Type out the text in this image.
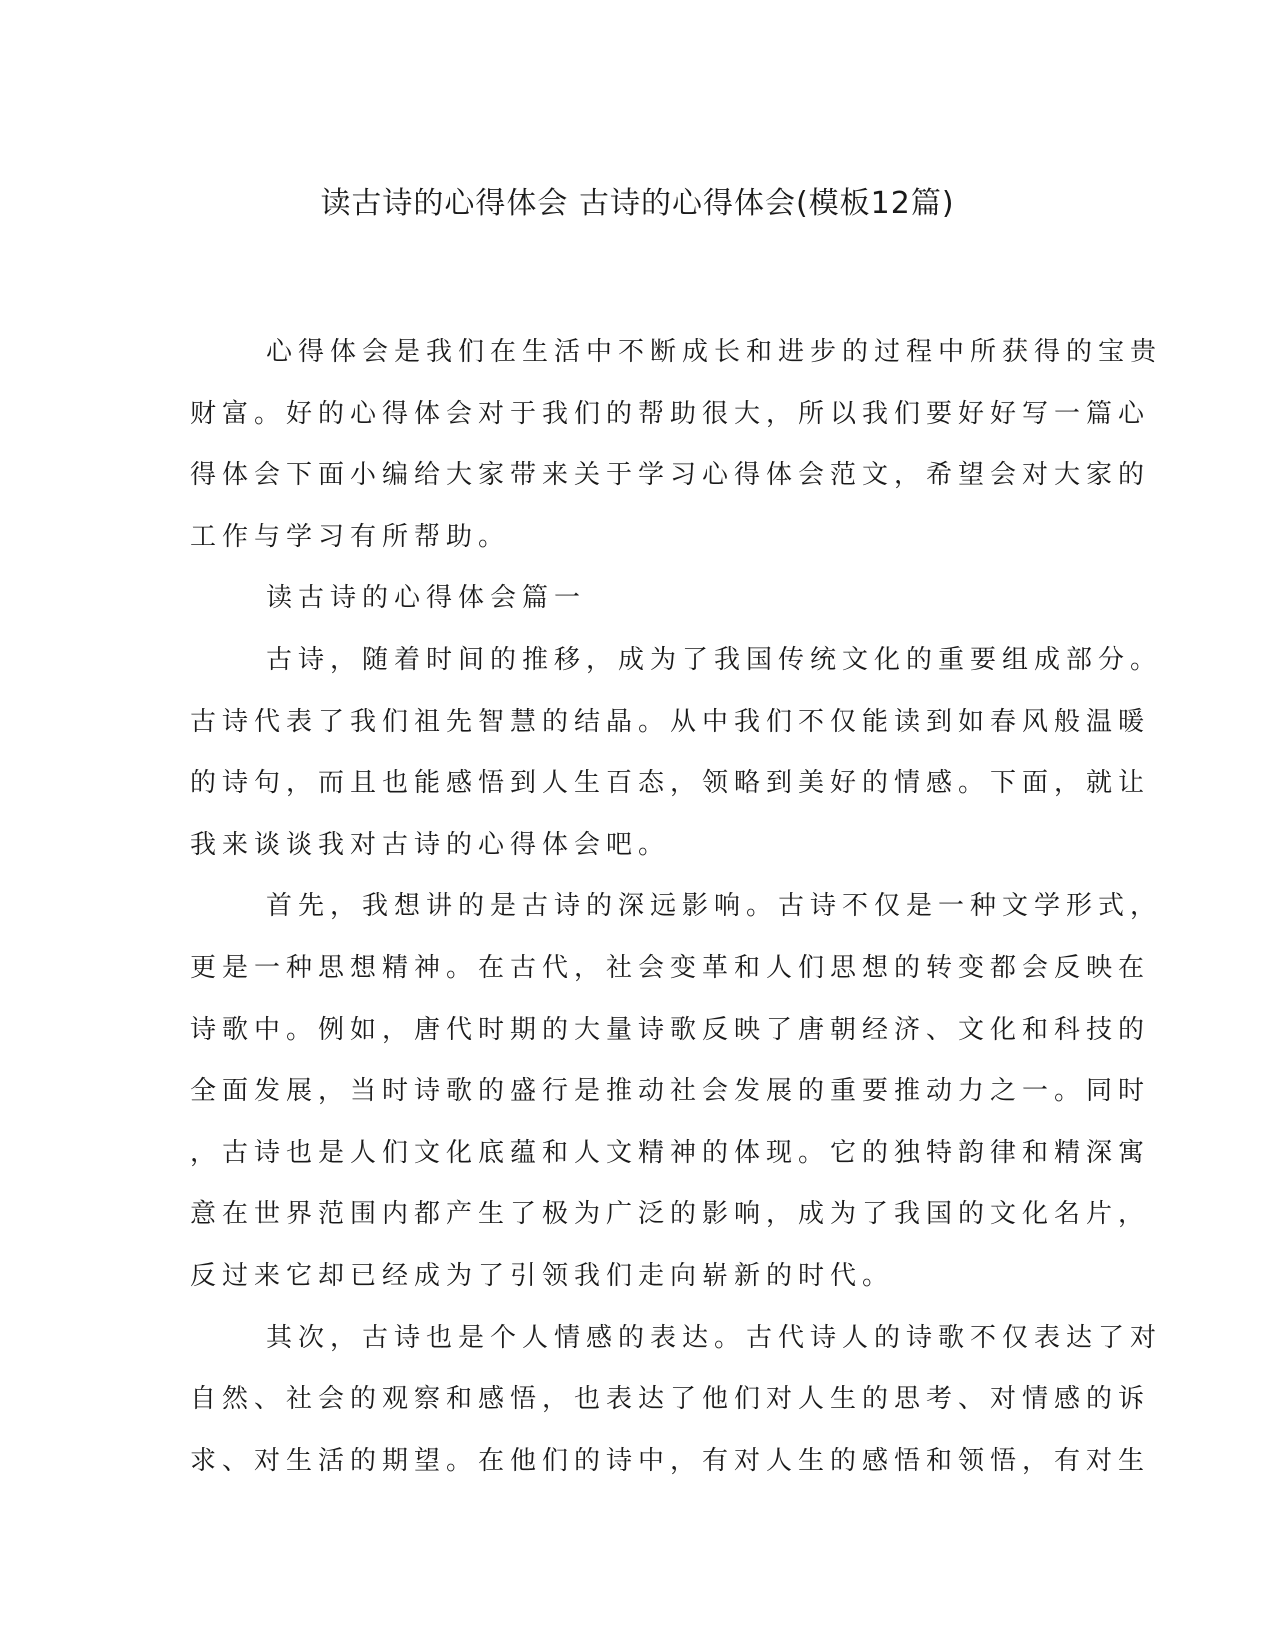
读古诗的心得体会 古诗的心得体会(模板12篇)
心得体会是我们在生活中不断成长和进步的过程中所获得的宝贵
财富。好的心得体会对于我们的帮助很大，所以我们要好好写一篇心
得体会下面小编给大家带来关于学习心得体会范文，希望会对大家的
工作与学习有所帮助。
读古诗的心得体会篇一
古诗，随着时间的推移，成为了我国传统文化的重要组成部分。
古诗代表了我们祖先智慧的结晶。从中我们不仅能读到如春风般温暖
的诗句，而且也能感悟到人生百态，领略到美好的情感。下面，就让
我来谈谈我对古诗的心得体会吧。
首先，我想讲的是古诗的深远影响。古诗不仅是一种文学形式，
更是一种思想精神。在古代，社会变革和人们思想的转变都会反映在
诗歌中。例如，唐代时期的大量诗歌反映了唐朝经济、文化和科技的
全面发展，当时诗歌的盛行是推动社会发展的重要推动力之一。同时
，古诗也是人们文化底蕴和人文精神的体现。它的独特韵律和精深寓
意在世界范围内都产生了极为广泛的影响，成为了我国的文化名片，
反过来它却已经成为了引领我们走向崭新的时代。
其次，古诗也是个人情感的表达。古代诗人的诗歌不仅表达了对
自然、社会的观察和感悟，也表达了他们对人生的思考、对情感的诉
求、对生活的期望。在他们的诗中，有对人生的感悟和领悟，有对生
